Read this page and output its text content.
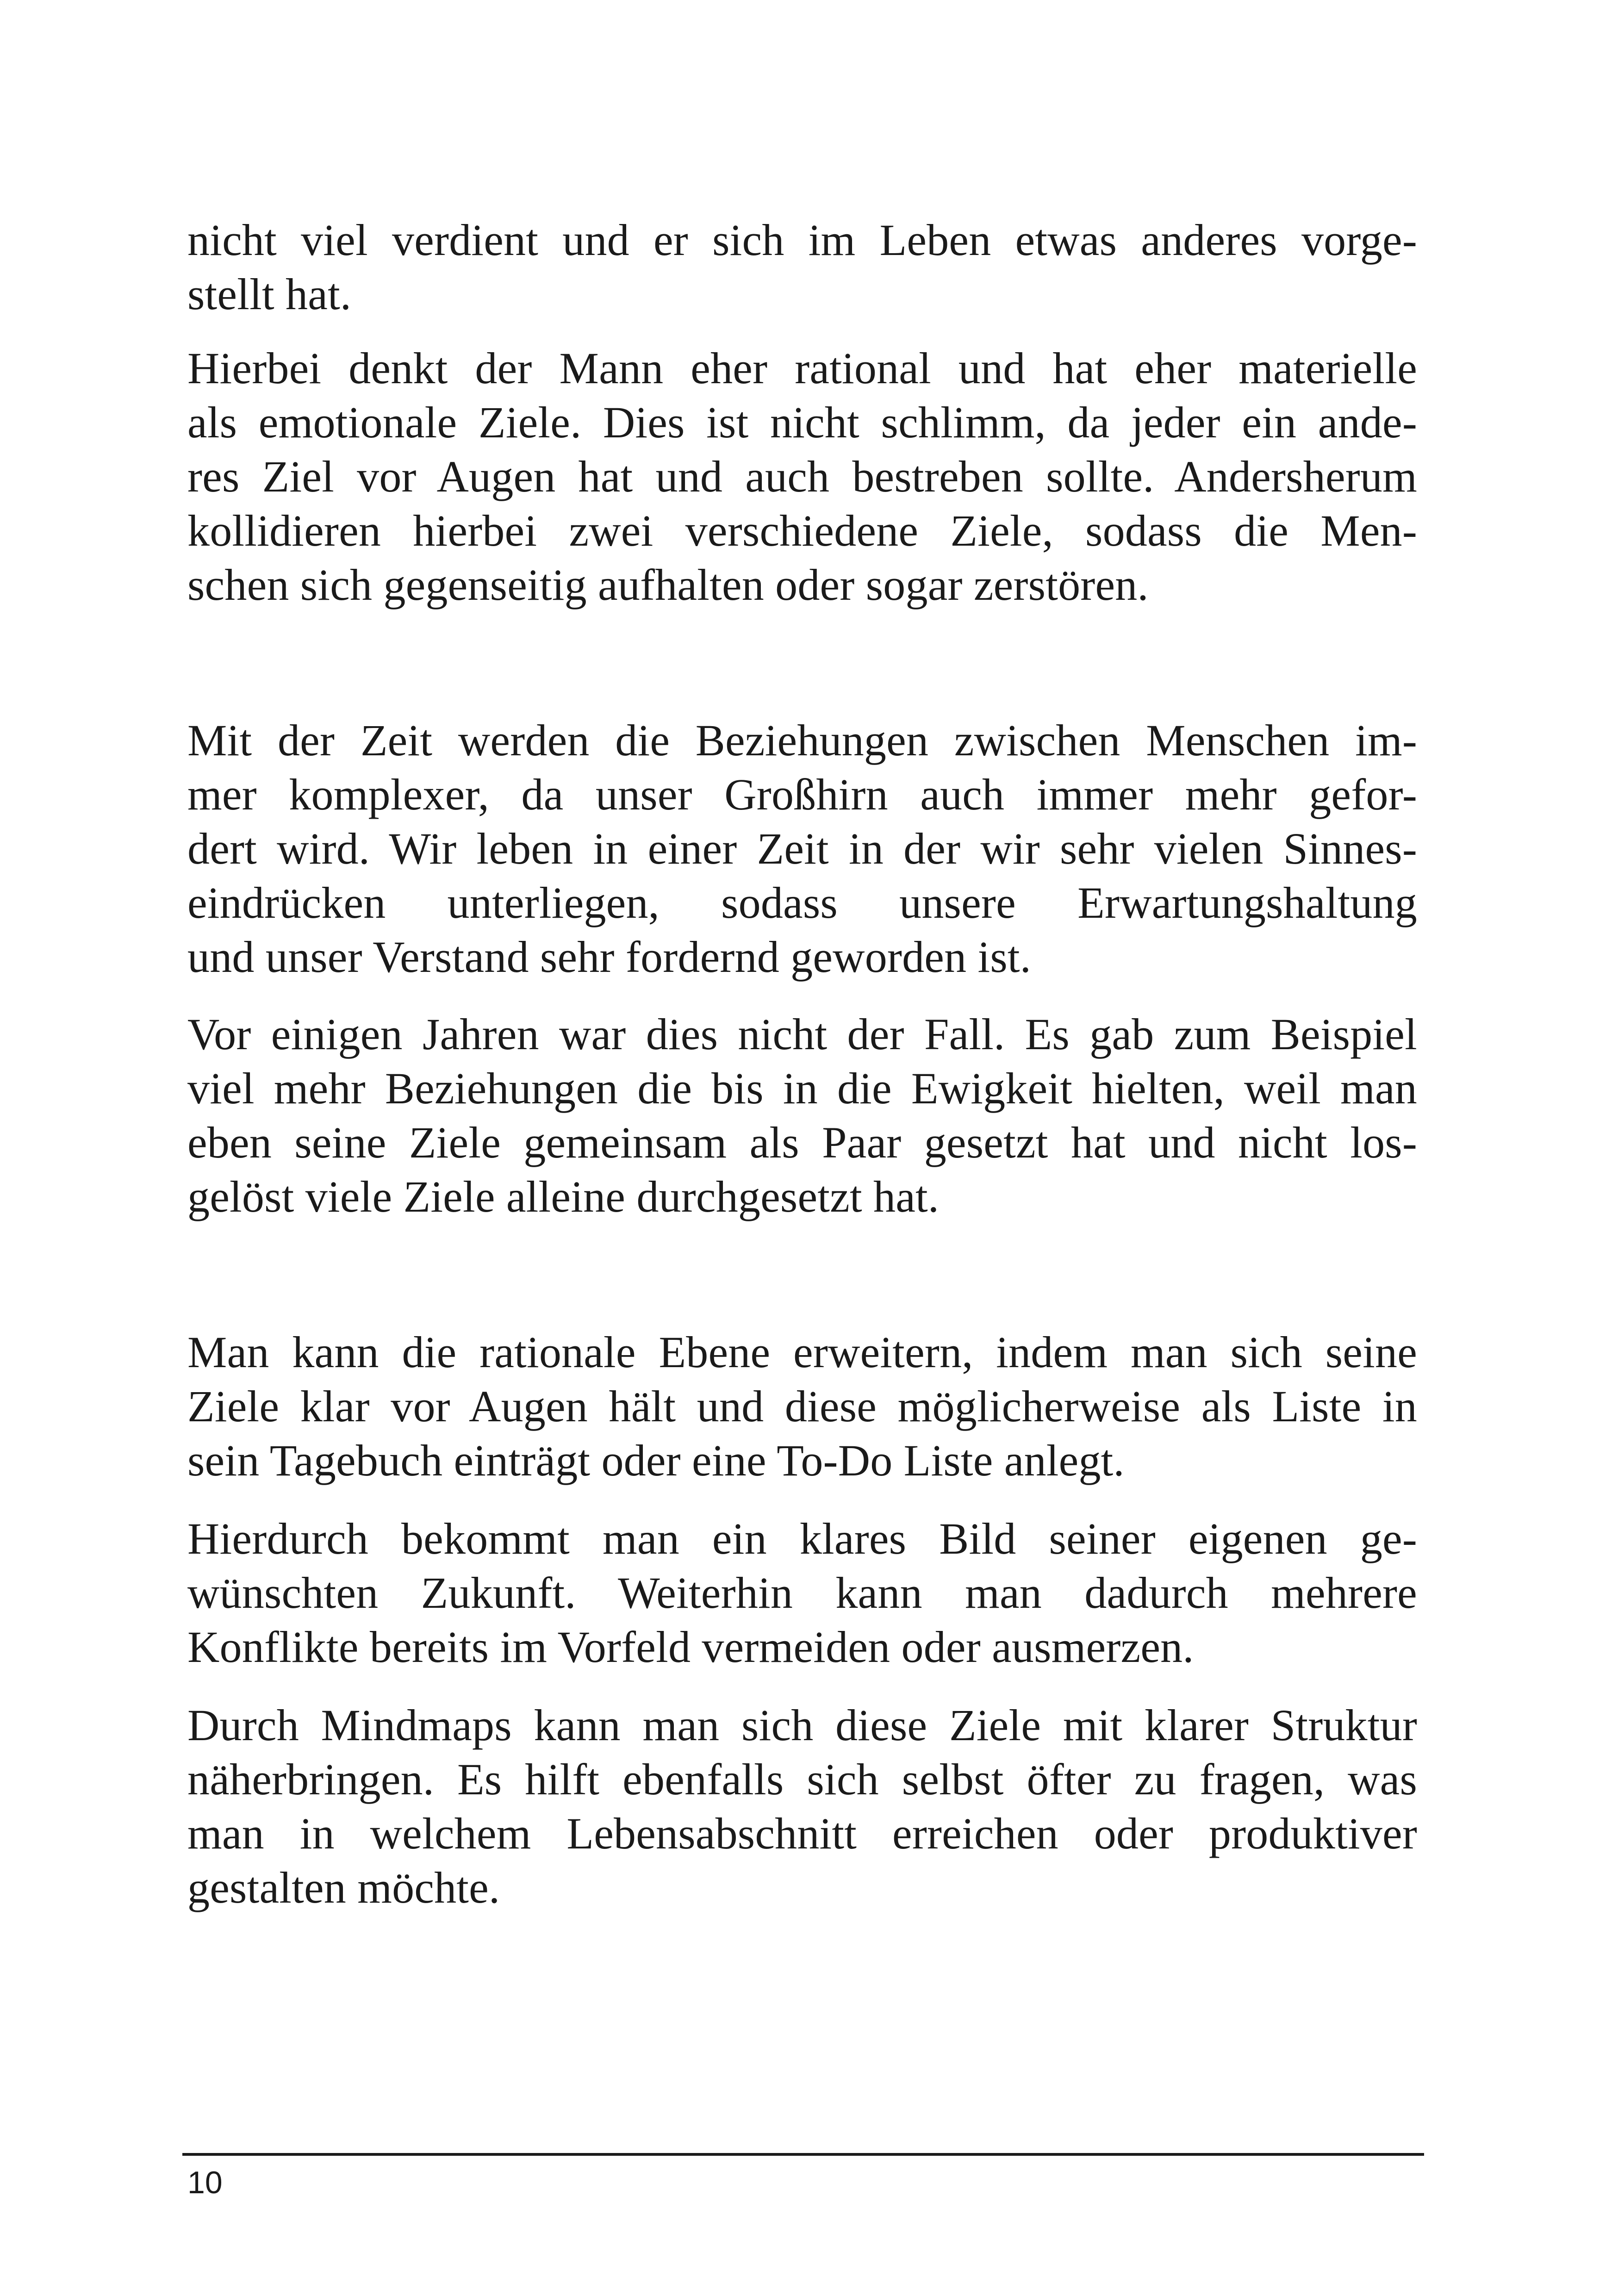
nicht viel verdient und er sich im Leben etwas anderes vorge-
stellt hat.
Hierbei denkt der Mann eher rational und hat eher materielle
als emotionale Ziele. Dies ist nicht schlimm, da jeder ein ande-
res Ziel vor Augen hat und auch bestreben sollte. Andersherum
kollidieren hierbei zwei verschiedene Ziele, sodass die Men-
schen sich gegenseitig aufhalten oder sogar zerstören.
Mit der Zeit werden die Beziehungen zwischen Menschen im-
mer komplexer, da unser Großhirn auch immer mehr gefor-
dert wird. Wir leben in einer Zeit in der wir sehr vielen Sinnes-
eindrücken unterliegen, sodass unsere Erwartungshaltung
und unser Verstand sehr fordernd geworden ist.
Vor einigen Jahren war dies nicht der Fall. Es gab zum Beispiel
viel mehr Beziehungen die bis in die Ewigkeit hielten, weil man
eben seine Ziele gemeinsam als Paar gesetzt hat und nicht los-
gelöst viele Ziele alleine durchgesetzt hat.
Man kann die rationale Ebene erweitern, indem man sich seine
Ziele klar vor Augen hält und diese möglicherweise als Liste in
sein Tagebuch einträgt oder eine To-Do Liste anlegt.
Hierdurch bekommt man ein klares Bild seiner eigenen ge-
wünschten Zukunft. Weiterhin kann man dadurch mehrere
Konflikte bereits im Vorfeld vermeiden oder ausmerzen.
Durch Mindmaps kann man sich diese Ziele mit klarer Struktur
näherbringen. Es hilft ebenfalls sich selbst öfter zu fragen, was
man in welchem Lebensabschnitt erreichen oder produktiver
gestalten möchte.
10
